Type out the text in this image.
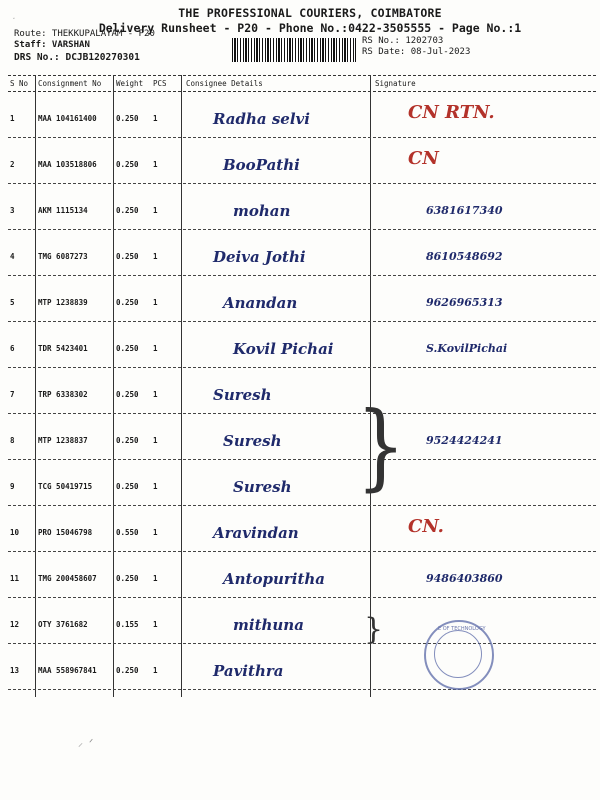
THE PROFESSIONAL COURIERS, COIMBATORE
Delivery Runsheet - P20 - Phone No.:0422-3505555 - Page No.:1
ˇ
Route: THEKKUPALAYAM - P20
Staff: VARSHAN
DRS No.: DCJB120270301
RS No.: 1202703
RS Date: 08-Jul-2023
S No Consignment No Weight PCS	Consignee Details	Signature
1	MAA 104161400	0.250 1	Radha selvi	CN RTN.
2	MAA 103518806	0.250 1	BooPathi	CN
3	AKM 1115134	0.250 1	mohan	6381617340
4	TMG 6087273	0.250 1	Deiva Jothi	8610548692
5	MTP 1238839	0.250 1	Anandan	9626965313
6	TDR 5423401	0.250 1	Kovil Pichai	S.KovilPichai
7	TRP 6338302	0.250 1	Suresh
8	MTP 1238837	0.250 1	Suresh	9524424241
9	TCG 50419715	0.250 1	Suresh
10	PRO 15046798	0.550 1	Aravindan	CN.
11	TMG 200458607	0.250 1	Antopuritha	9486403860
12	OTY 3761682	0.155 1	mithuna
13	MAA 558967841	0.250 1	Pavithra
}
}	E OF TECHNOLOGY
⸝ ᐟ
